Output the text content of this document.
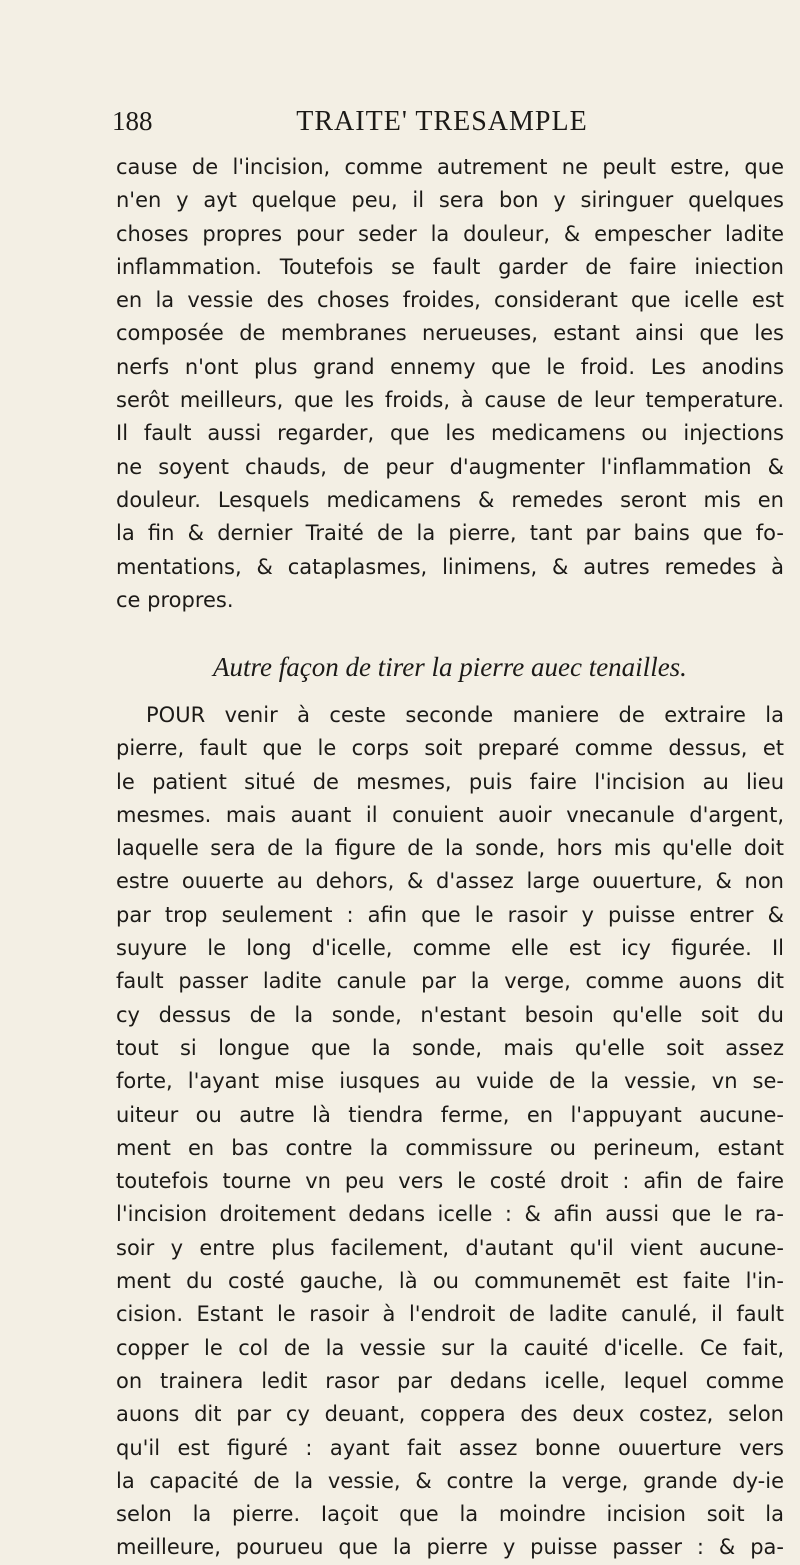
188	TRAITE' TRESAMPLE
cause de l'incision, comme autrement ne peult estre, que
n'en y ayt quelque peu, il sera bon y siringuer quelques
choses propres pour seder la douleur, & empescher ladite
inflammation. Toutefois se fault garder de faire iniection
en la vessie des choses froides, considerant que icelle est
composée de membranes nerueuses, estant ainsi que les
nerfs n'ont plus grand ennemy que le froid. Les anodins
serôt meilleurs, que les froids, à cause de leur temperature.
Il fault aussi regarder, que les medicamens ou injections
ne soyent chauds, de peur d'augmenter l'inflammation &
douleur. Lesquels medicamens & remedes seront mis en
la fin & dernier Traité de la pierre, tant par bains que fo-
mentations, & cataplasmes, linimens, & autres remedes à
ce propres.
Autre façon de tirer la pierre auec tenailles.
POUR venir à ceste seconde maniere de extraire la
pierre, fault que le corps soit preparé comme dessus, et
le patient situé de mesmes, puis faire l'incision au lieu
mesmes. mais auant il conuient auoir vnecanule d'argent,
laquelle sera de la figure de la sonde, hors mis qu'elle doit
estre ouuerte au dehors, & d'assez large ouuerture, & non
par trop seulement : afin que le rasoir y puisse entrer &
suyure le long d'icelle, comme elle est icy figurée. Il
fault passer ladite canule par la verge, comme auons dit
cy dessus de la sonde, n'estant besoin qu'elle soit du
tout si longue que la sonde, mais qu'elle soit assez
forte, l'ayant mise iusques au vuide de la vessie, vn se-
uiteur ou autre là tiendra ferme, en l'appuyant aucune-
ment en bas contre la commissure ou perineum, estant
toutefois tourne vn peu vers le costé droit : afin de faire
l'incision droitement dedans icelle : & afin aussi que le ra-
soir y entre plus facilement, d'autant qu'il vient aucune-
ment du costé gauche, là ou communemēt est faite l'in-
cision. Estant le rasoir à l'endroit de ladite canulé, il fault
copper le col de la vessie sur la cauité d'icelle. Ce fait,
on trainera ledit rasor par dedans icelle, lequel comme
auons dit par cy deuant, coppera des deux costez, selon
qu'il est figuré : ayant fait assez bonne ouuerture vers
la capacité de la vessie, & contre la verge, grande dy-ie
selon la pierre. Iaçoit que la moindre incision soit la
meilleure, pourueu que la pierre y puisse passer : & pa-
